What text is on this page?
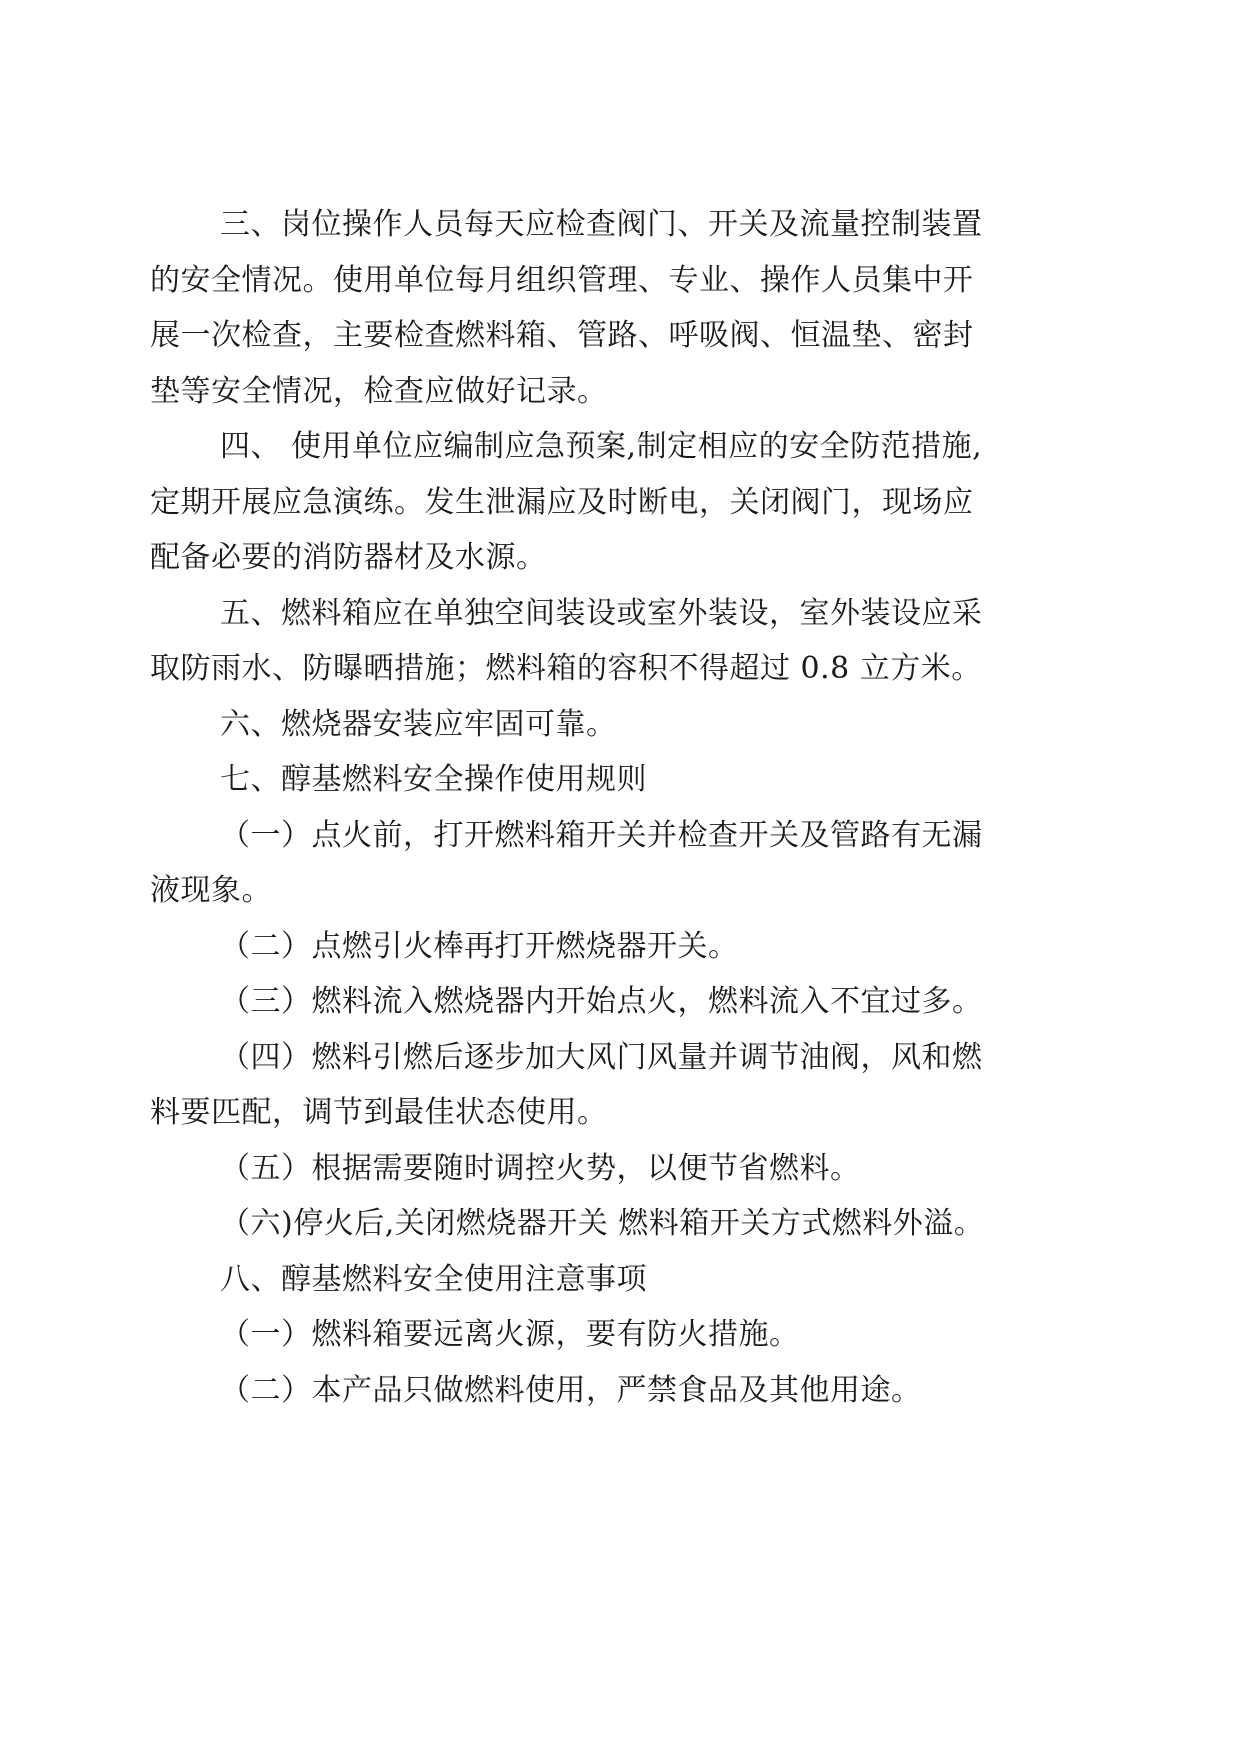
三、岗位操作人员每天应检查阀门、开关及流量控制装置
的安全情况。使用单位每月组织管理、专业、操作人员集中开
展一次检查，主要检查燃料箱、管路、呼吸阀、恒温垫、密封
垫等安全情况，检查应做好记录。
四、 使用单位应编制应急预案,制定相应的安全防范措施,
定期开展应急演练。发生泄漏应及时断电，关闭阀门，现场应
配备必要的消防器材及水源。
五、燃料箱应在单独空间装设或室外装设，室外装设应采
取防雨水、防曝晒措施；燃料箱的容积不得超过 0.8 立方米。
六、燃烧器安装应牢固可靠。
七、醇基燃料安全操作使用规则
（一）点火前，打开燃料箱开关并检查开关及管路有无漏
液现象。
（二）点燃引火棒再打开燃烧器开关。
（三）燃料流入燃烧器内开始点火，燃料流入不宜过多。
（四）燃料引燃后逐步加大风门风量并调节油阀，风和燃
料要匹配，调节到最佳状态使用。
（五）根据需要随时调控火势，以便节省燃料。
（六)停火后,关闭燃烧器开关 燃料箱开关方式燃料外溢。
八、醇基燃料安全使用注意事项
（一）燃料箱要远离火源，要有防火措施。
（二）本产品只做燃料使用，严禁食品及其他用途。
